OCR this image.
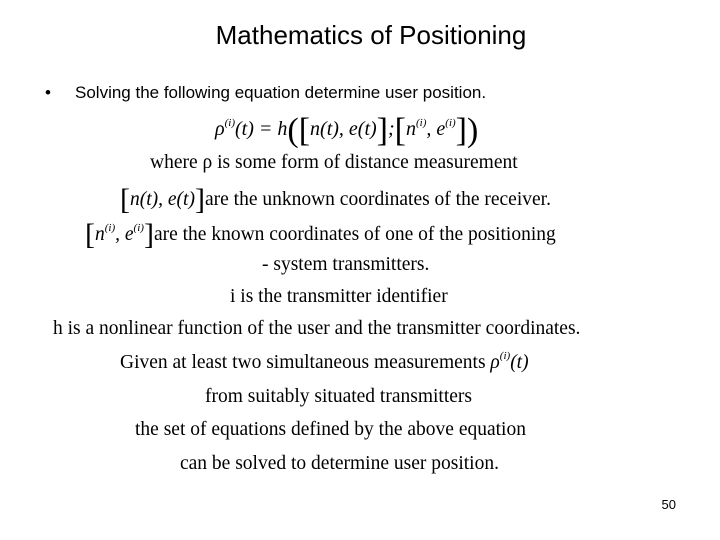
Mathematics of Positioning
• Solving the following equation determine user position.
$\rho^{(i)}(t) = h([n(t)$, $e(t)];[n^{(i)}$, $e^{(i)}$])
where ρ is some form of distance measurement
[n(t), e(t)]are the unknown coordinates of the receiver.
[$n^{(i)}$, $e^{(i)}]are$ the known coordinates of one of the positioning
- system transmitters.
i is the transmitter identifier
h is a nonlinear function of the user and the transmitter coordinates.
Given at least two simultaneous measurements $\rho^{(i)}(t)$
from suitably situated transmitters
the set of equations defined by the above equation
can be solved to determine user position.
50
